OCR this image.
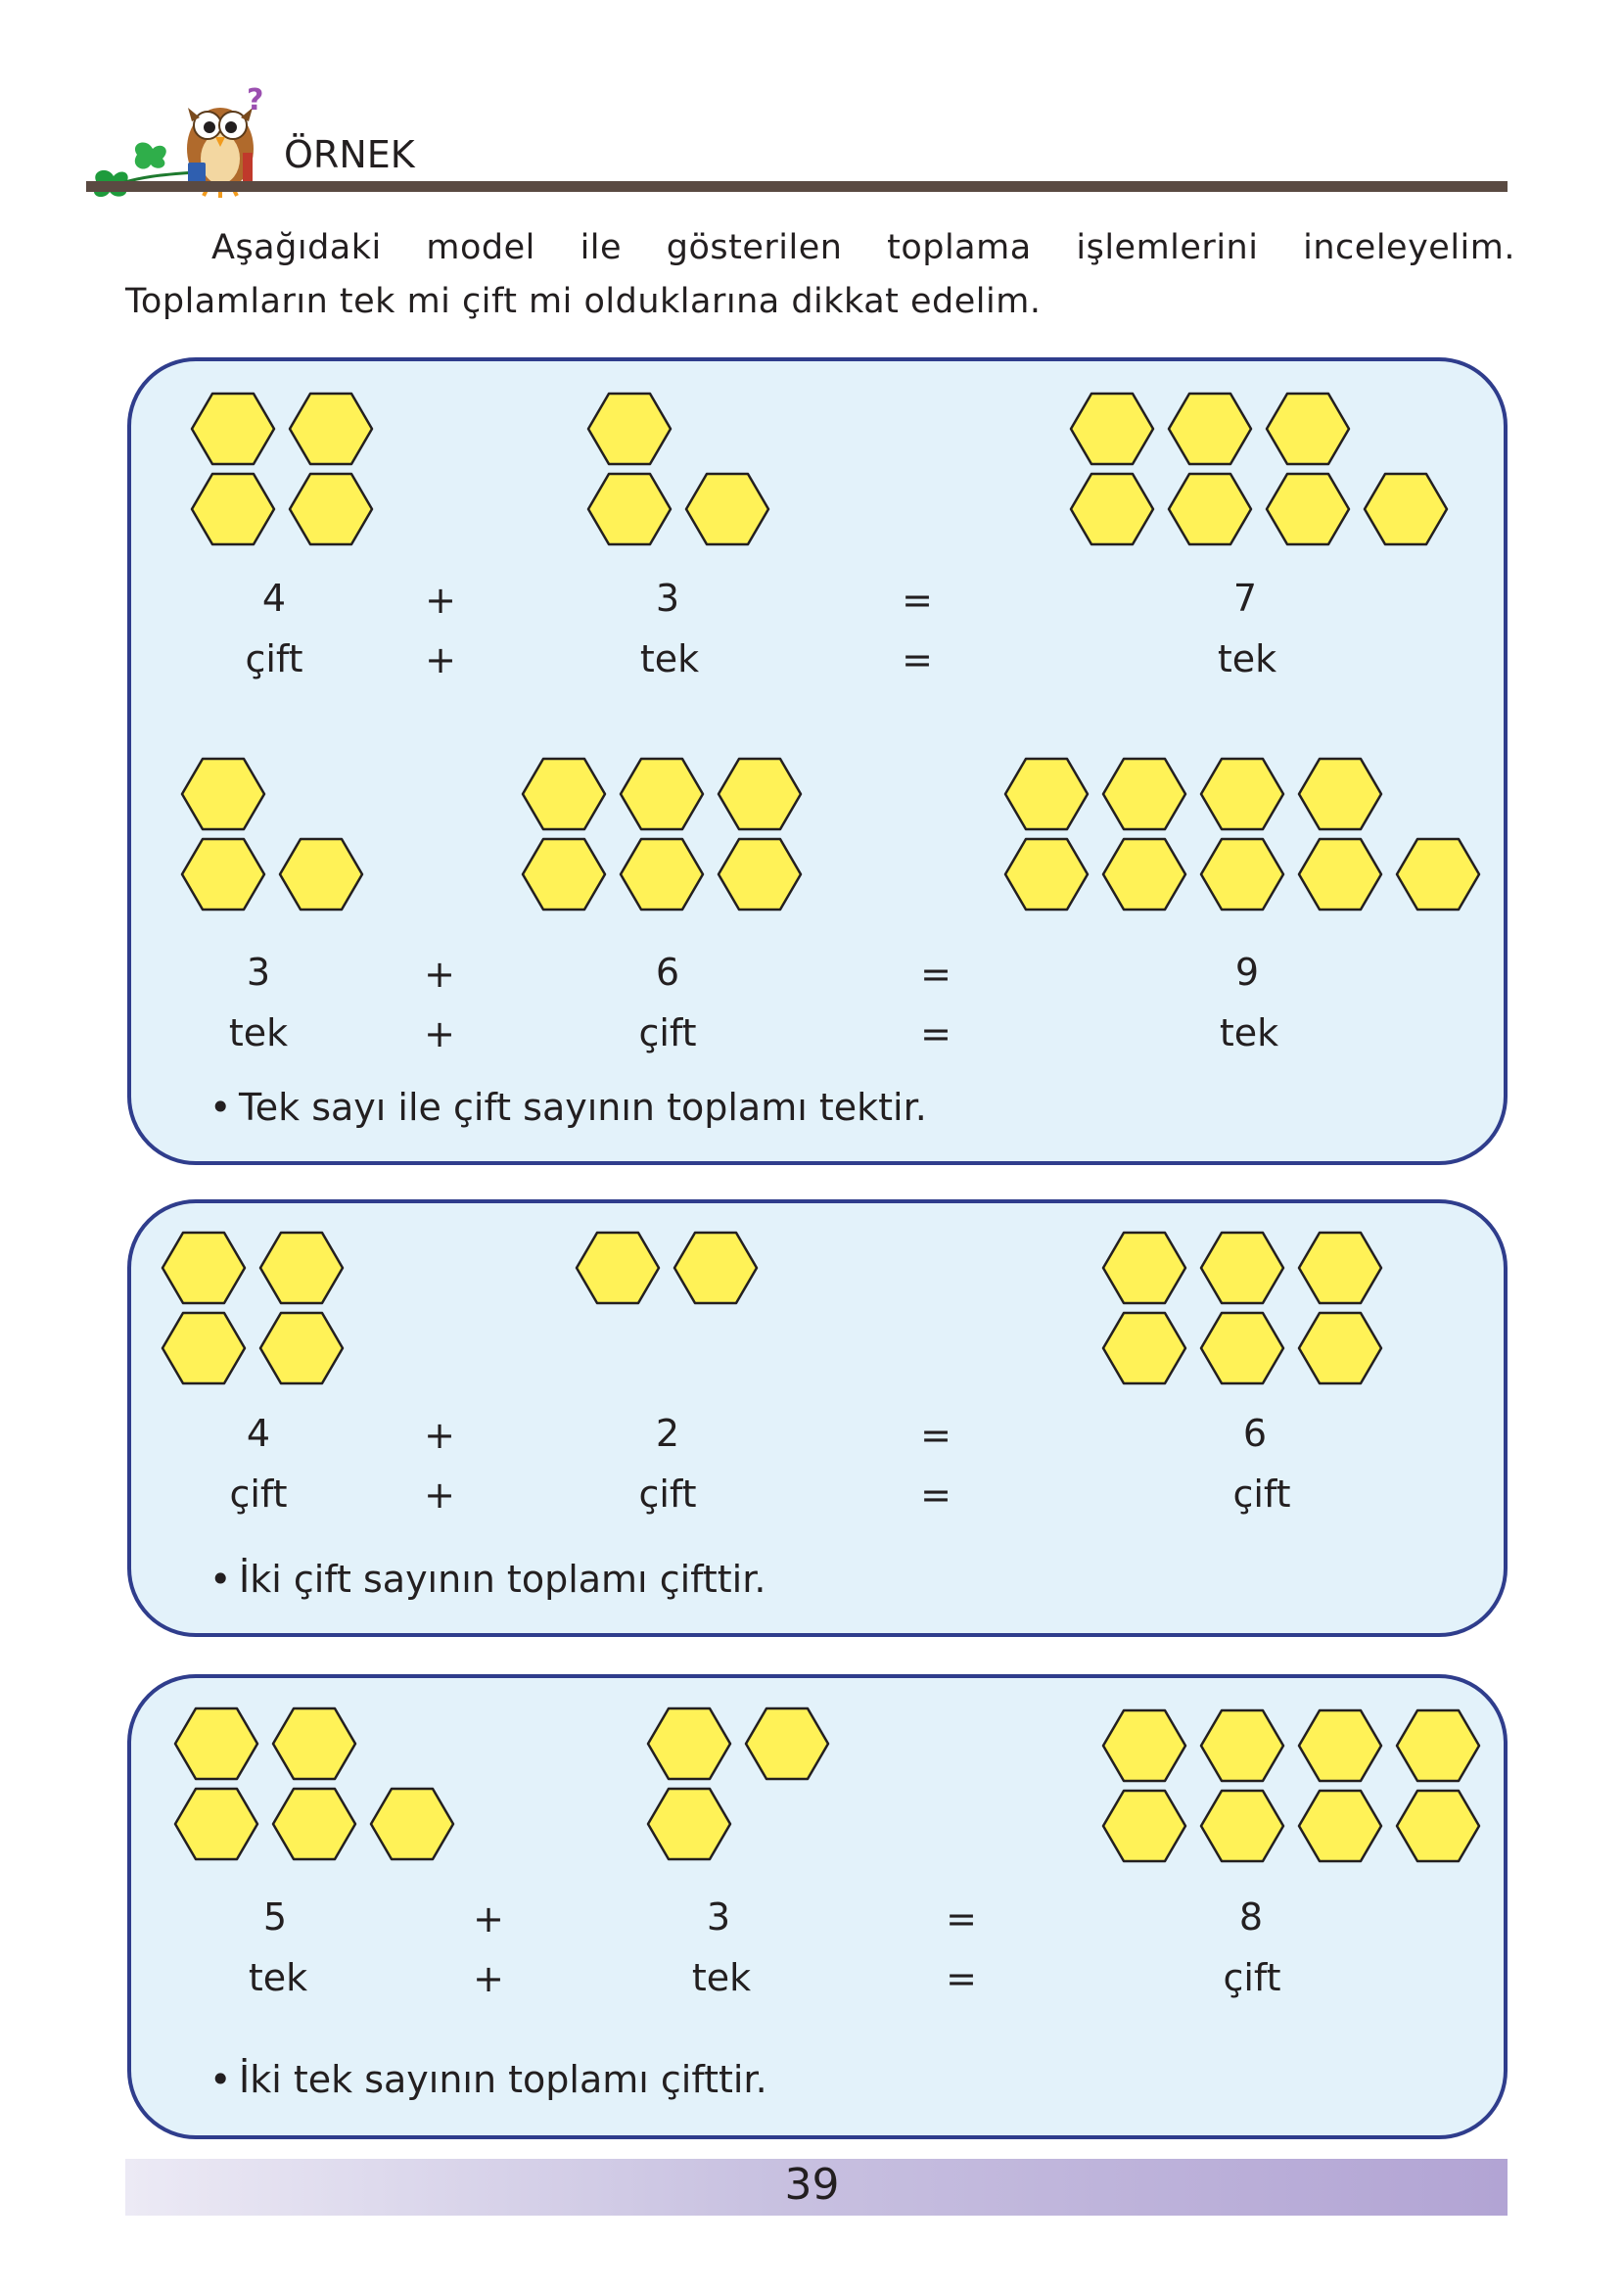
?
ÖRNEK

Aşağıdaki model ile gösterilen toplama işlemlerini inceleyelim. Toplamların tek mi çift mi olduklarına dikkat edelim.

4	+	3	=	7
çift	+	tek	=	tek
3	+	6	=	9
tek	+	çift	=	tek
• Tek sayı ile çift sayının toplamı tektir.
4	+	2	=	6
çift	+	çift	=	çift
• İki çift sayının toplamı çifttir.
5	+	3	=	8
tek	+	tek	=	çift
• İki tek sayının toplamı çifttir.
39
